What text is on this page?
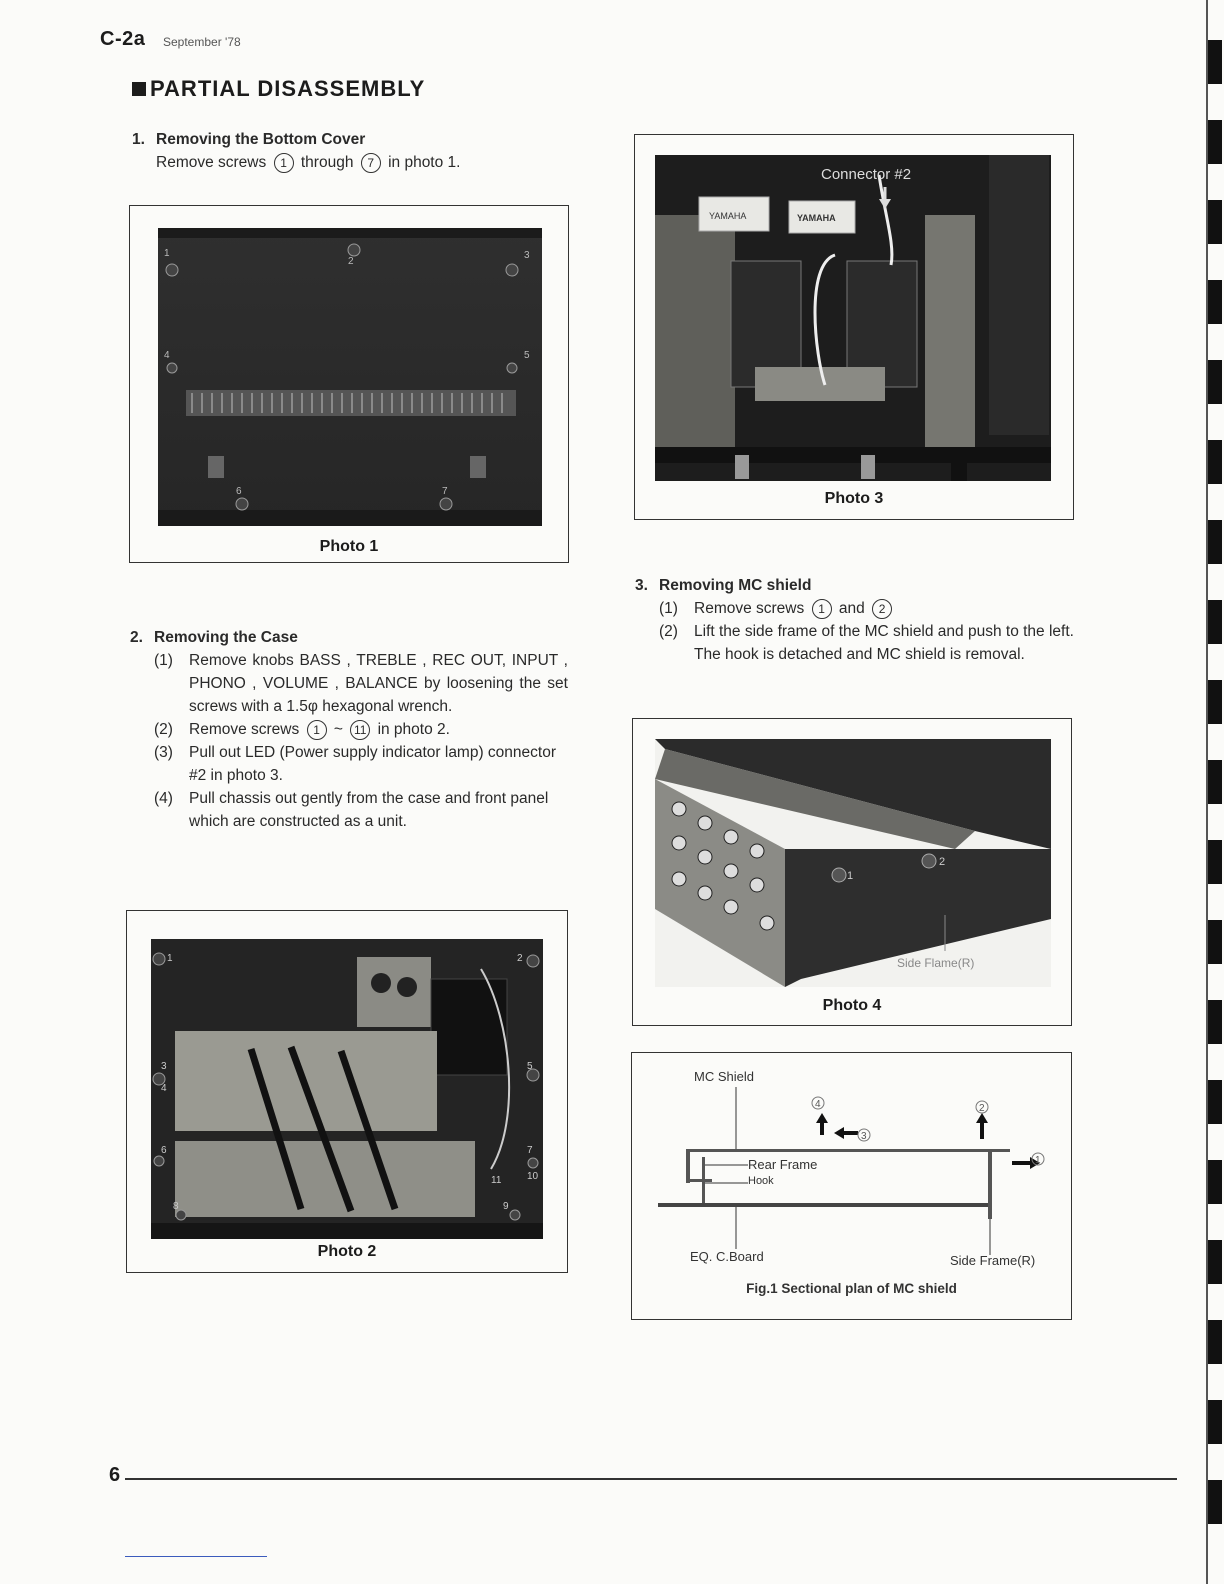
C-2a September '78
PARTIAL DISASSEMBLY
1. Removing the Bottom Cover
Remove screws 1 through 7 in photo 1.
1
2
3
4	5
6	7
Photo 1
2. Removing the Case
(1)	Remove knobs BASS , TREBLE , REC OUT, INPUT , PHONO , VOLUME , BALANCE by loosening the set screws with a 1.5φ hexagonal wrench.
(2)	Remove screws 1 ~ 11 in photo 2.
(3)	Pull out LED (Power supply indicator lamp) connector #2 in photo 3.
(4)	Pull chassis out gently from the case and front panel which are constructed as a unit.
1	2
3
4
5
6	7
8	9
10
11
Photo 2
YAMAHA	YAMAHA
Connector #2
Photo 3
3. Removing MC shield
(1)	Remove screws 1 and 2
(2)	Lift the side frame of the MC shield and push to the left.
The hook is detached and MC shield is removal.
1
2
Side Flame(R)
Photo 4
4
3
2
1
MC Shield
Rear Frame
Hook
EQ. C.Board	Side Frame(R)
Fig.1 Sectional plan of MC shield
6
